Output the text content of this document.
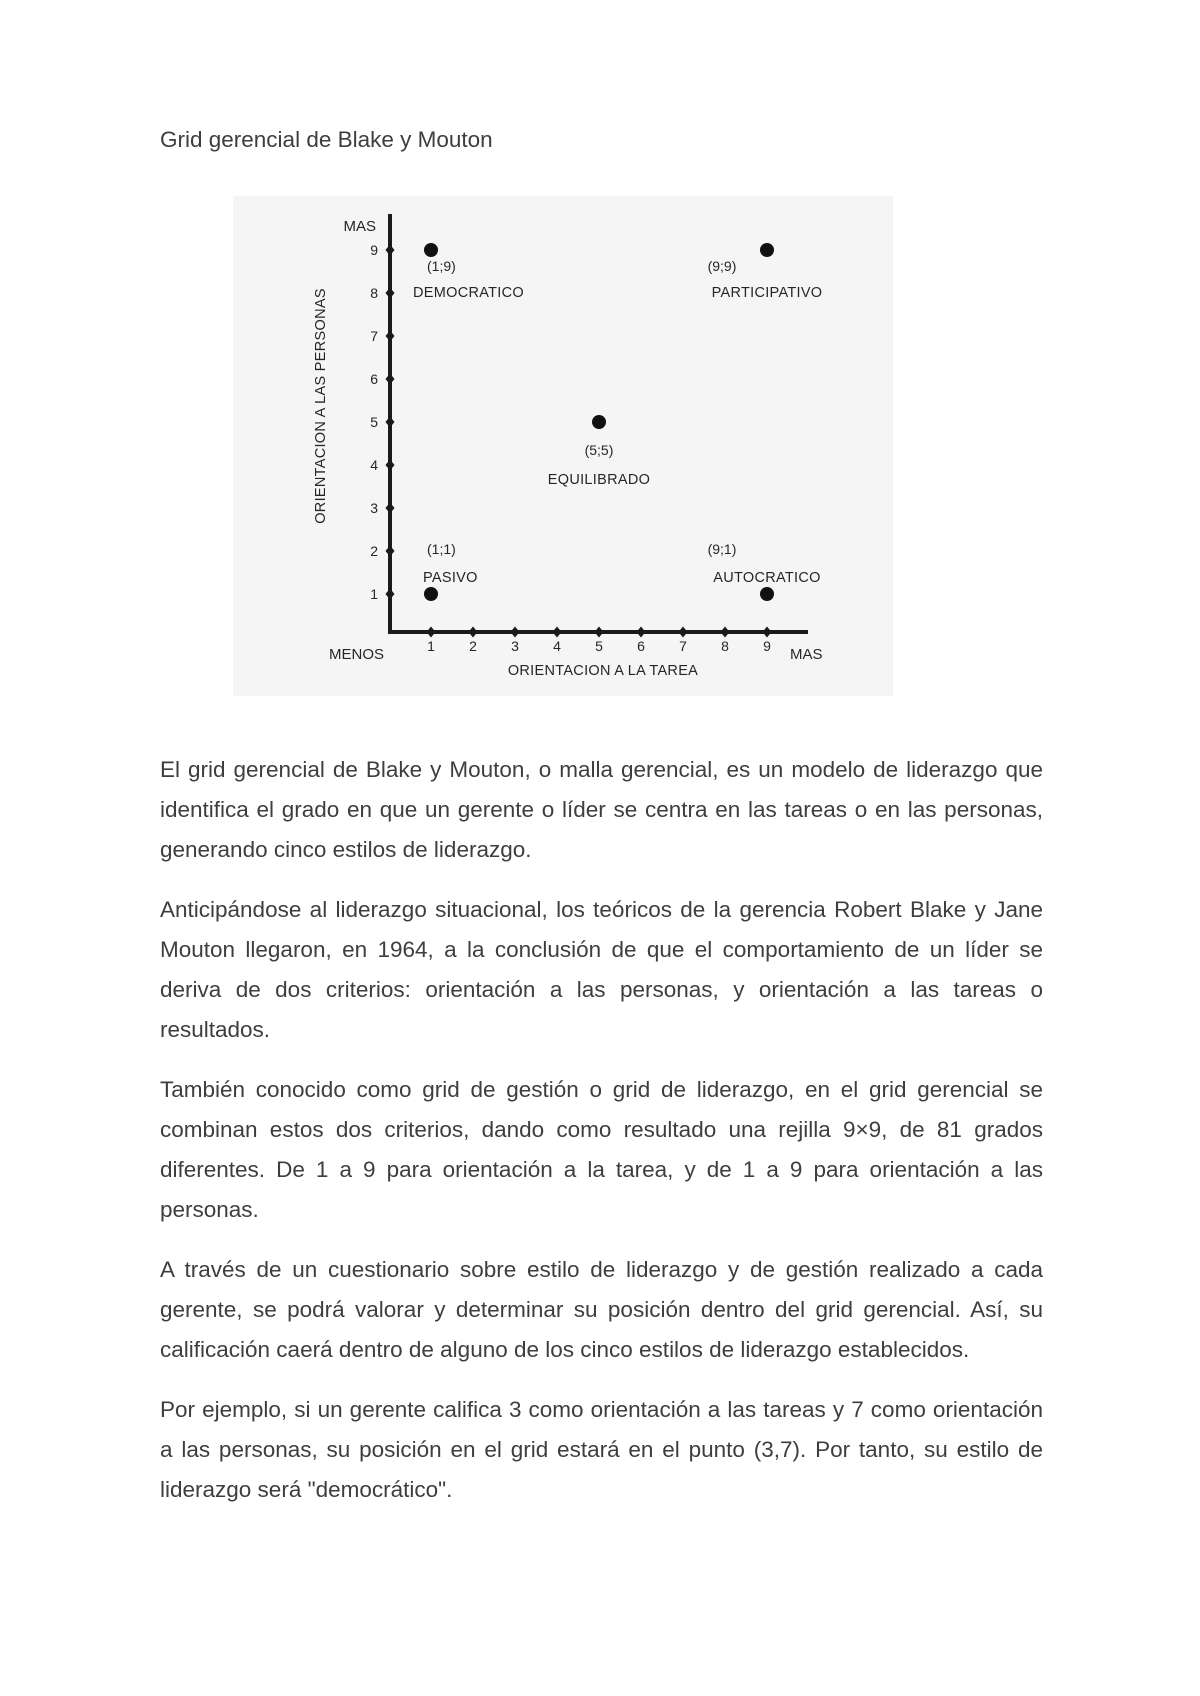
Grid gerencial de Blake y Mouton
1
2
3
4
5
6
7
8
9
1 2 3 4 5 6 7 8 9
MAS
MENOS	MAS
ORIENTACION A LA TAREA
ORIENTACION A LAS PERSONAS
(1;9)
DEMOCRATICO
(9;9)
PARTICIPATIVO
(5;5)
EQUILIBRADO
(1;1)
PASIVO
(9;1)
AUTOCRATICO

El grid gerencial de Blake y Mouton, o malla gerencial, es un modelo de liderazgo que identifica el grado en que un gerente o líder se centra en las tareas o en las personas, generando cinco estilos de liderazgo.

Anticipándose al liderazgo situacional, los teóricos de la gerencia Robert Blake y Jane Mouton llegaron, en 1964, a la conclusión de que el comportamiento de un líder se deriva de dos criterios: orientación a las personas, y orientación a las tareas o resultados.

También conocido como grid de gestión o grid de liderazgo, en el grid gerencial se combinan estos dos criterios, dando como resultado una rejilla 9×9, de 81 grados diferentes. De 1 a 9 para orientación a la tarea, y de 1 a 9 para orientación a las personas.

A través de un cuestionario sobre estilo de liderazgo y de gestión realizado a cada gerente, se podrá valorar y determinar su posición dentro del grid gerencial. Así, su calificación caerá dentro de alguno de los cinco estilos de liderazgo establecidos.

Por ejemplo, si un gerente califica 3 como orientación a las tareas y 7 como orientación a las personas, su posición en el grid estará en el punto (3,7). Por tanto, su estilo de liderazgo será "democrático".
